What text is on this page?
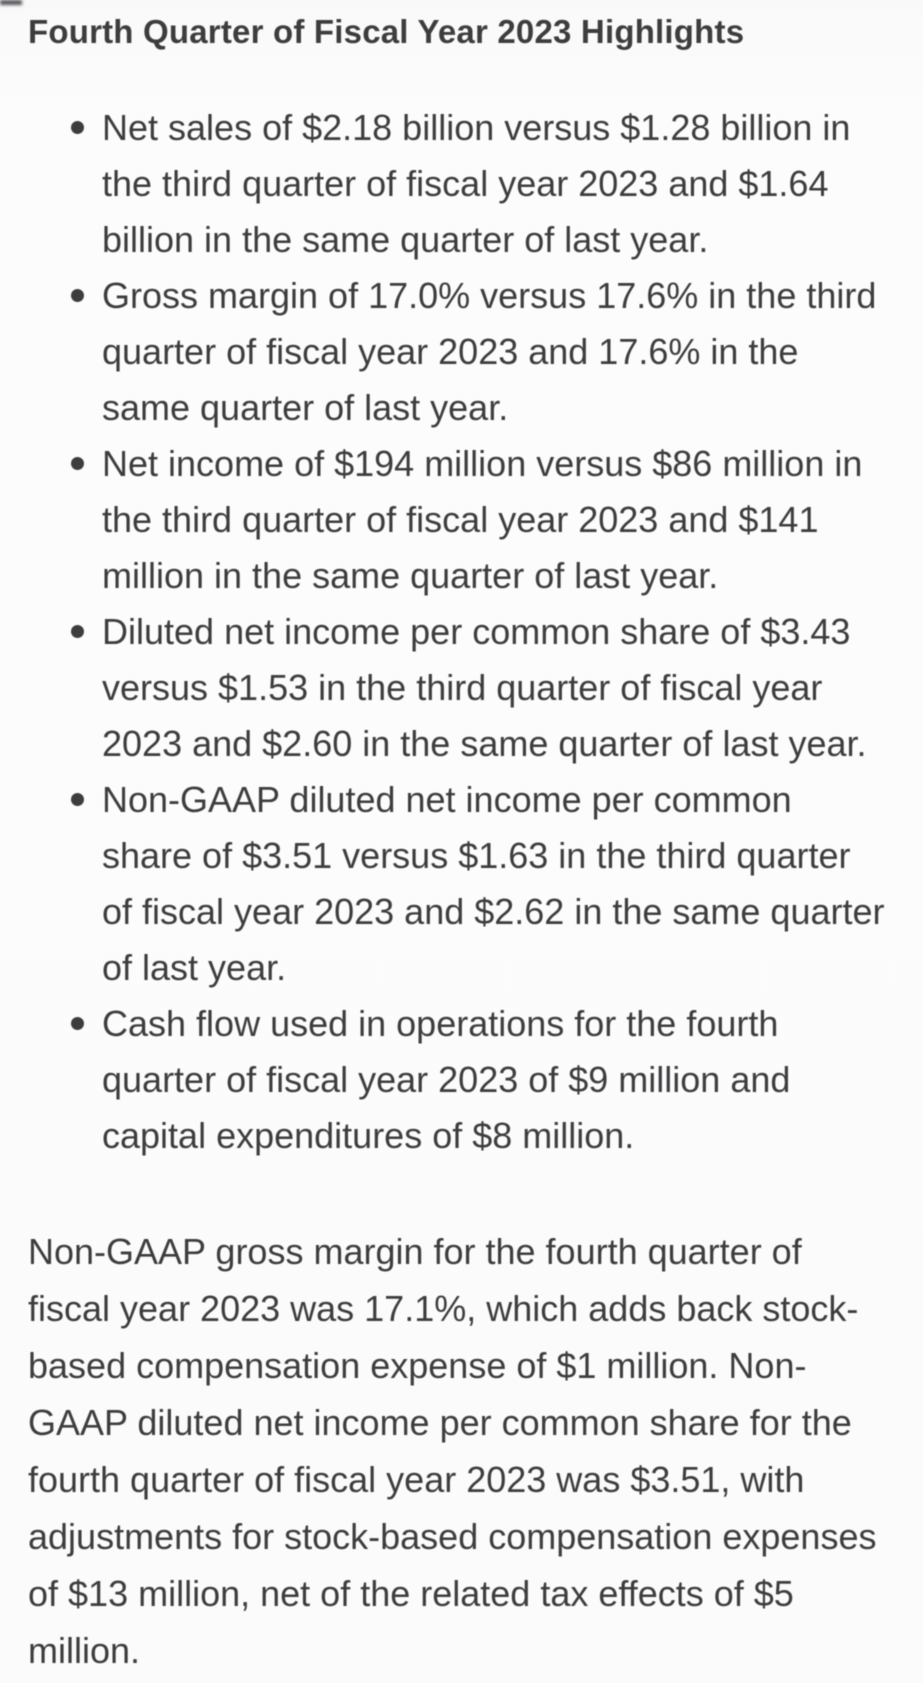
Fourth Quarter of Fiscal Year 2023 Highlights
Net sales of $2.18 billion versus $1.28 billion in
the third quarter of fiscal year 2023 and $1.64
billion in the same quarter of last year.
Gross margin of 17.0% versus 17.6% in the third
quarter of fiscal year 2023 and 17.6% in the
same quarter of last year.
Net income of $194 million versus $86 million in
the third quarter of fiscal year 2023 and $141
million in the same quarter of last year.
Diluted net income per common share of $3.43
versus $1.53 in the third quarter of fiscal year
2023 and $2.60 in the same quarter of last year.
Non-GAAP diluted net income per common
share of $3.51 versus $1.63 in the third quarter
of fiscal year 2023 and $2.62 in the same quarter
of last year.
Cash flow used in operations for the fourth
quarter of fiscal year 2023 of $9 million and
capital expenditures of $8 million.
Non-GAAP gross margin for the fourth quarter of
fiscal year 2023 was 17.1%, which adds back stock-
based compensation expense of $1 million. Non-
GAAP diluted net income per common share for the
fourth quarter of fiscal year 2023 was $3.51, with
adjustments for stock-based compensation expenses
of $13 million, net of the related tax effects of $5
million.
